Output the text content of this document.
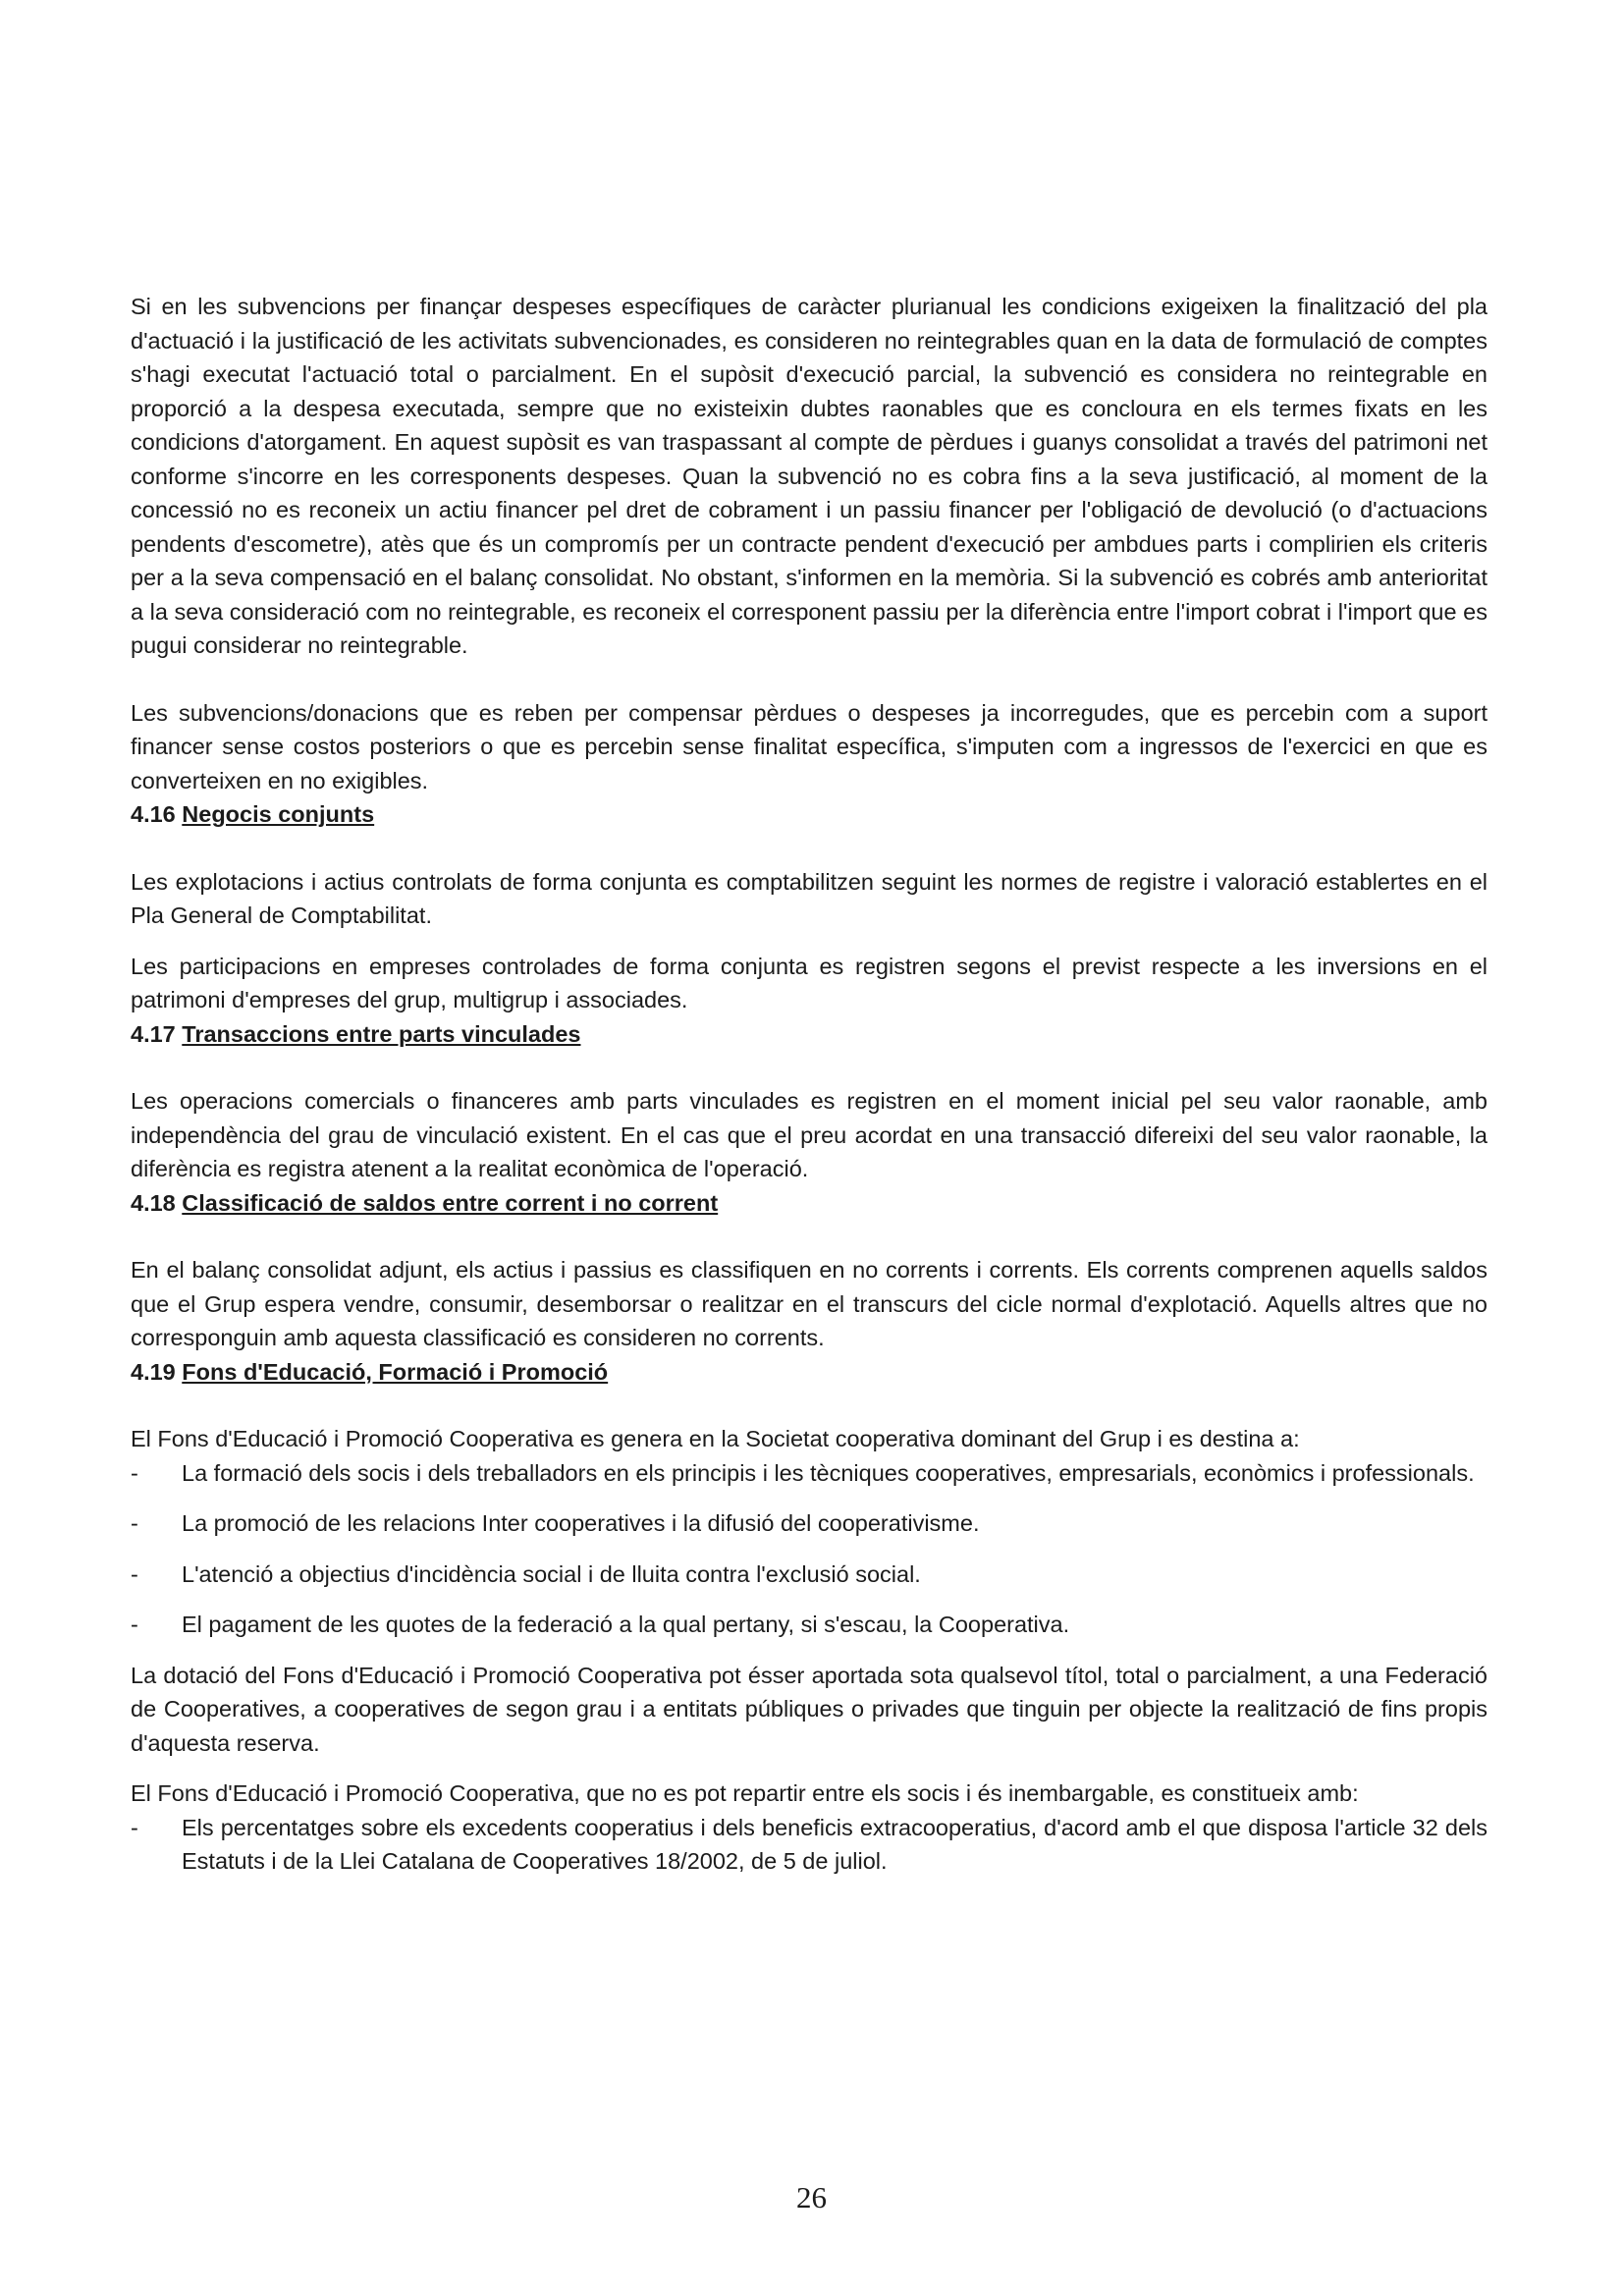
Si en les subvencions per finançar despeses específiques de caràcter plurianual les condicions exigeixen la finalització del pla d'actuació i la justificació de les activitats subvencionades, es consideren no reintegrables quan en la data de formulació de comptes s'hagi executat l'actuació total o parcialment. En el supòsit d'execució parcial, la subvenció es considera no reintegrable en proporció a la despesa executada, sempre que no existeixin dubtes raonables que es concloura en els termes fixats en les condicions d'atorgament. En aquest supòsit es van traspassant al compte de pèrdues i guanys consolidat a través del patrimoni net conforme s'incorre en les corresponents despeses. Quan la subvenció no es cobra fins a la seva justificació, al moment de la concessió no es reconeix un actiu financer pel dret de cobrament i un passiu financer per l'obligació de devolució (o d'actuacions pendents d'escometre), atès que és un compromís per un contracte pendent d'execució per ambdues parts i complirien els criteris per a la seva compensació en el balanç consolidat. No obstant, s'informen en la memòria. Si la subvenció es cobrés amb anterioritat a la seva consideració com no reintegrable, es reconeix el corresponent passiu per la diferència entre l'import cobrat i l'import que es pugui considerar no reintegrable.

Les subvencions/donacions que es reben per compensar pèrdues o despeses ja incorregudes, que es percebin com a suport financer sense costos posteriors o que es percebin sense finalitat específica, s'imputen com a ingressos de l'exercici en que es converteixen en no exigibles.

4.16 Negocis conjunts

Les explotacions i actius controlats de forma conjunta es comptabilitzen seguint les normes de registre i valoració establertes en el Pla General de Comptabilitat.

Les participacions en empreses controlades de forma conjunta es registren segons el previst respecte a les inversions en el patrimoni d'empreses del grup, multigrup i associades.

4.17 Transaccions entre parts vinculades

Les operacions comercials o financeres amb parts vinculades es registren en el moment inicial pel seu valor raonable, amb independència del grau de vinculació existent. En el cas que el preu acordat en una transacció difereixi del seu valor raonable, la diferència es registra atenent a la realitat econòmica de l'operació.

4.18 Classificació de saldos entre corrent i no corrent

En el balanç consolidat adjunt, els actius i passius es classifiquen en no corrents i corrents. Els corrents comprenen aquells saldos que el Grup espera vendre, consumir, desemborsar o realitzar en el transcurs del cicle normal d'explotació. Aquells altres que no corresponguin amb aquesta classificació es consideren no corrents.

4.19 Fons d'Educació, Formació i Promoció

El Fons d'Educació i Promoció Cooperativa es genera en la Societat cooperativa dominant del Grup i es destina a:

- La formació dels socis i dels treballadors en els principis i les tècniques cooperatives, empresarials, econòmics i professionals.
- La promoció de les relacions Inter cooperatives i la difusió del cooperativisme.
- L'atenció a objectius d'incidència social i de lluita contra l'exclusió social.
- El pagament de les quotes de la federació a la qual pertany, si s'escau, la Cooperativa.

La dotació del Fons d'Educació i Promoció Cooperativa pot ésser aportada sota qualsevol títol, total o parcialment, a una Federació de Cooperatives, a cooperatives de segon grau i a entitats públiques o privades que tinguin per objecte la realització de fins propis d'aquesta reserva.

El Fons d'Educació i Promoció Cooperativa, que no es pot repartir entre els socis i és inembargable, es constitueix amb:

- Els percentatges sobre els excedents cooperatius i dels beneficis extracooperatius, d'acord amb el que disposa l'article 32 dels Estatuts i de la Llei Catalana de Cooperatives 18/2002, de 5 de juliol.
26
